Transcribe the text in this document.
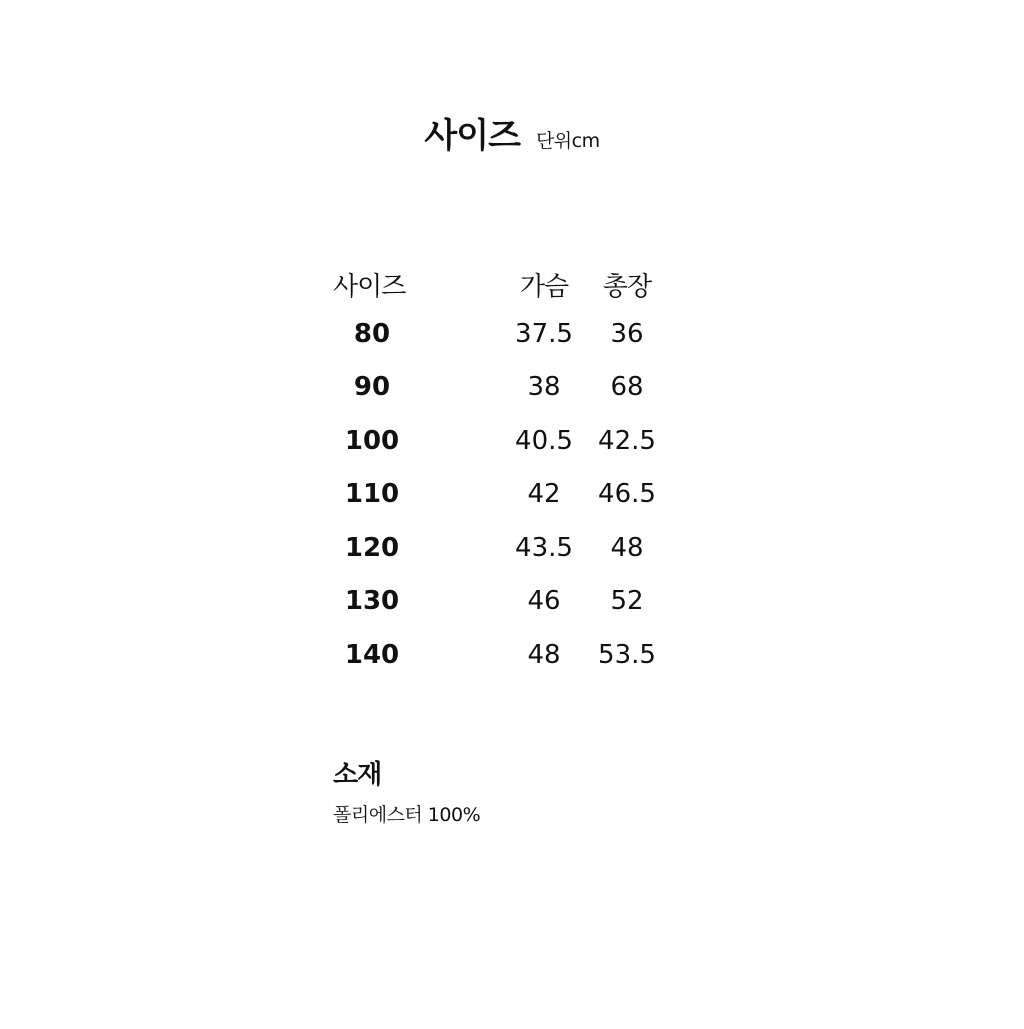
사이즈 단위cm
사이즈		가슴	총장
80		37.5	36
90		38	68
100		40.5	42.5
110		42	46.5
120		43.5	48
130		46	52
140		48	53.5
소재
폴리에스터 100%
